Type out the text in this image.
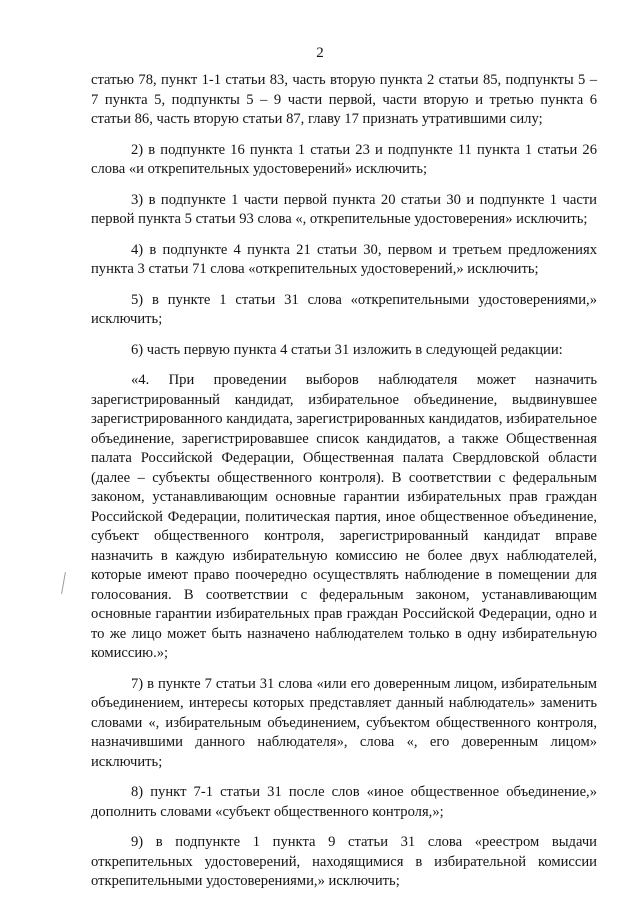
2

статью 78, пункт 1-1 статьи 83, часть вторую пункта 2 статьи 85, подпункты 5 – 7 пункта 5, подпункты 5 – 9 части первой, части вторую и третью пункта 6 статьи 86, часть вторую статьи 87, главу 17 признать утратившими силу;

2) в подпункте 16 пункта 1 статьи 23 и подпункте 11 пункта 1 статьи 26 слова «и открепительных удостоверений» исключить;

3) в подпункте 1 части первой пункта 20 статьи 30 и подпункте 1 части первой пункта 5 статьи 93 слова «, открепительные удостоверения» исключить;

4) в подпункте 4 пункта 21 статьи 30, первом и третьем предложениях пункта 3 статьи 71 слова «открепительных удостоверений,» исключить;

5) в пункте 1 статьи 31 слова «открепительными удостоверениями,» исключить;

6) часть первую пункта 4 статьи 31 изложить в следующей редакции:

«4. При проведении выборов наблюдателя может назначить зарегистрированный кандидат, избирательное объединение, выдвинувшее зарегистрированного кандидата, зарегистрированных кандидатов, избирательное объединение, зарегистрировавшее список кандидатов, а также Общественная палата Российской Федерации, Общественная палата Свердловской области (далее – субъекты общественного контроля). В соответствии с федеральным законом, устанавливающим основные гарантии избирательных прав граждан Российской Федерации, политическая партия, иное общественное объединение, субъект общественного контроля, зарегистрированный кандидат вправе назначить в каждую избирательную комиссию не более двух наблюдателей, которые имеют право поочередно осуществлять наблюдение в помещении для голосования. В соответствии с федеральным законом, устанавливающим основные гарантии избирательных прав граждан Российской Федерации, одно и то же лицо может быть назначено наблюдателем только в одну избирательную комиссию.»;

7) в пункте 7 статьи 31 слова «или его доверенным лицом, избирательным объединением, интересы которых представляет данный наблюдатель» заменить словами «, избирательным объединением, субъектом общественного контроля, назначившими данного наблюдателя», слова «, его доверенным лицом» исключить;

8) пункт 7-1 статьи 31 после слов «иное общественное объединение,» дополнить словами «субъект общественного контроля,»;

9) в подпункте 1 пункта 9 статьи 31 слова «реестром выдачи открепительных удостоверений, находящимися в избирательной комиссии открепительными удостоверениями,» исключить;
